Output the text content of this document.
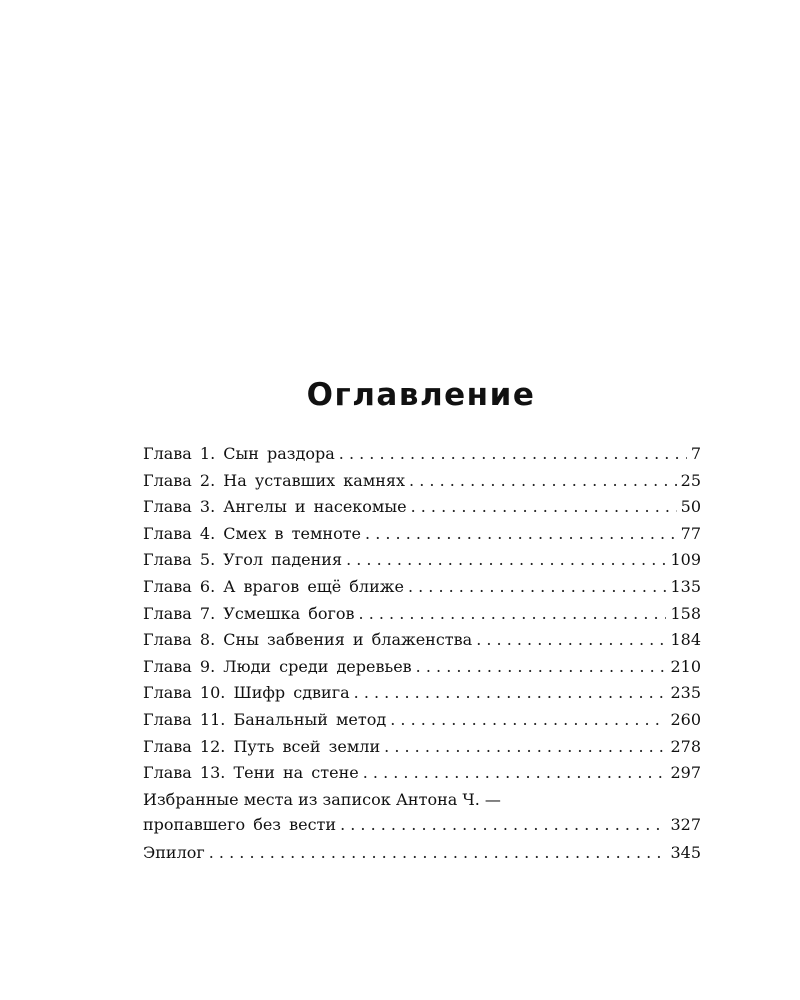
Оглавление
Глава 1. Сын раздора . . .	7
Глава 2. На уставших камнях . . .	25
Глава 3. Ангелы и насекомые . . .	50
Глава 4. Смех в темноте . . .	77
Глава 5. Угол падения . . .	109
Глава 6. А врагов ещё ближе . . .	135
Глава 7. Усмешка богов . . .	158
Глава 8. Сны забвения и блаженства . . .	184
Глава 9. Люди среди деревьев . . .	210
Глава 10. Шифр сдвига . . .	235
Глава 11. Банальный метод . . .	260
Глава 12. Путь всей земли . . .	278
Глава 13. Тени на стене . . .	297
Избранные места из записок Антона Ч. —
пропавшего без вести . . .	327
Эпилог . . .	345
